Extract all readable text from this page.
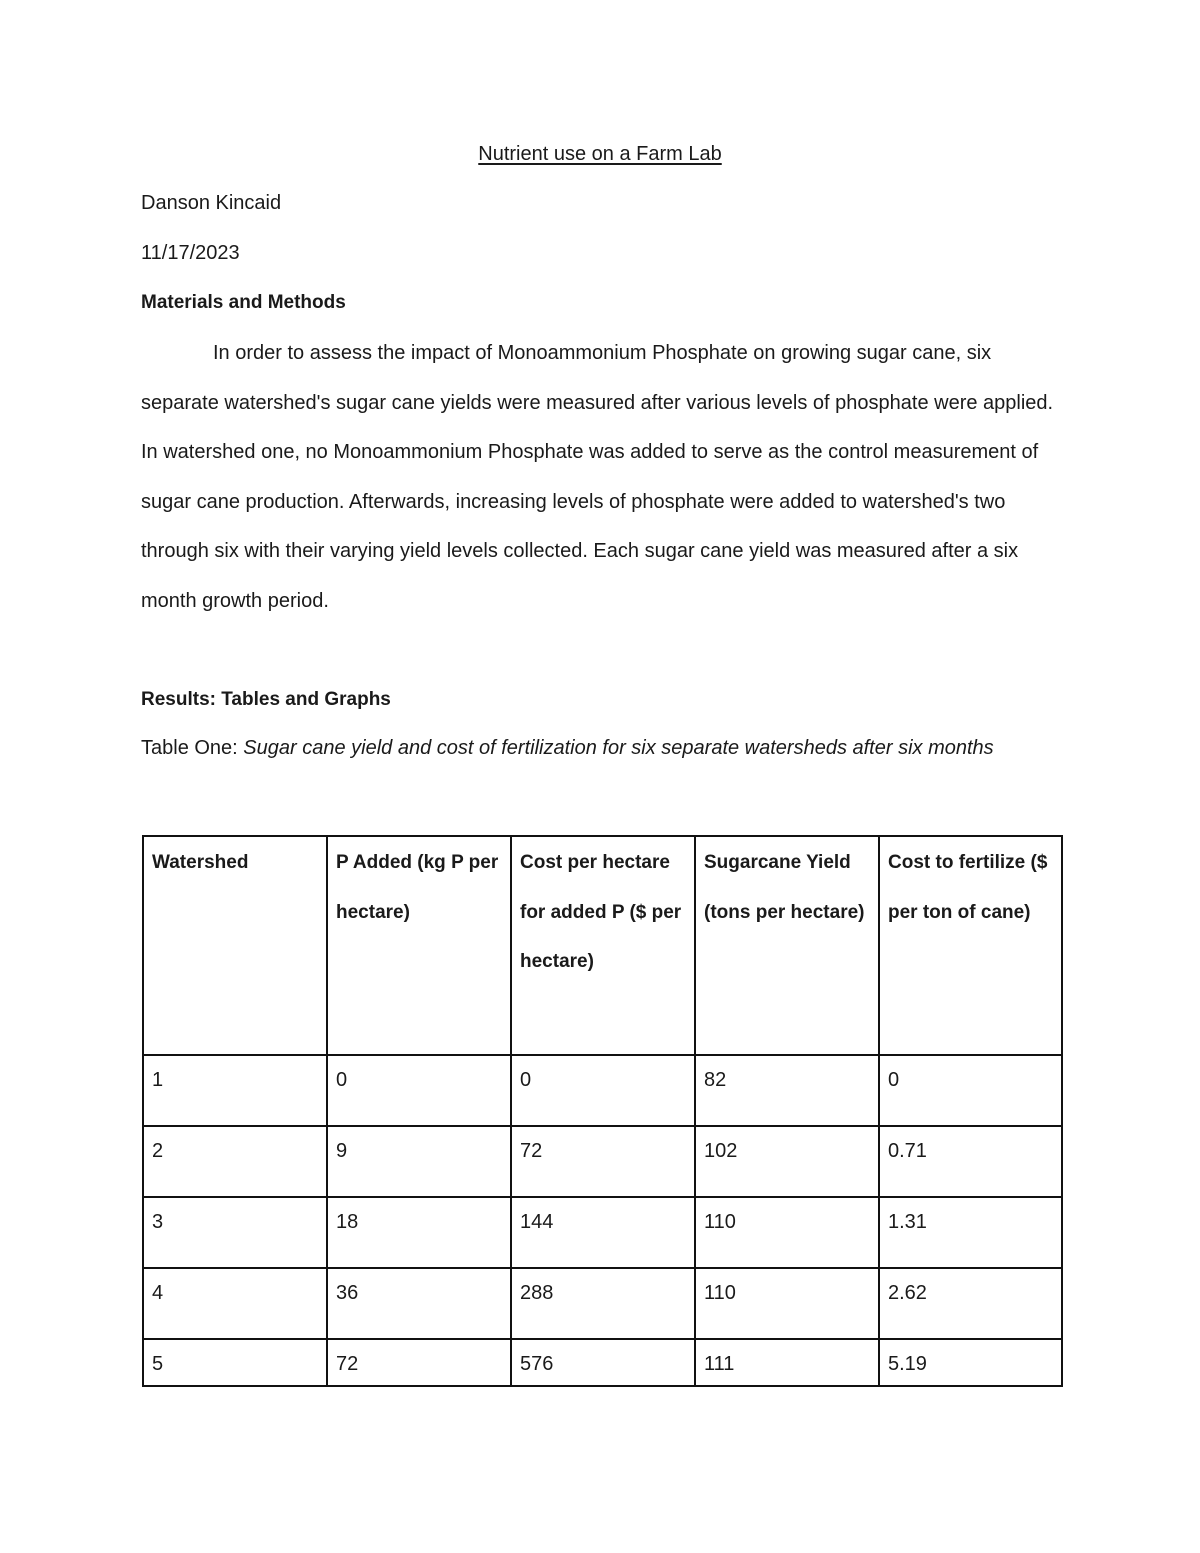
Nutrient use on a Farm Lab
Danson Kincaid
11/17/2023
Materials and Methods
In order to assess the impact of Monoammonium Phosphate on growing sugar cane, six separate watershed's sugar cane yields were measured after various levels of phosphate were applied. In watershed one, no Monoammonium Phosphate was added to serve as the control measurement of sugar cane production. Afterwards, increasing levels of phosphate were added to watershed's two through six with their varying yield levels collected. Each sugar cane yield was measured after a six month growth period.
Results: Tables and Graphs
Table One: Sugar cane yield and cost of fertilization for six separate watersheds after six months
Watershed	P Added (kg P per hectare)	Cost per hectare for added P ($ per hectare)	Sugarcane Yield (tons per hectare)	Cost to fertilize ($ per ton of cane)
1	0	0	82	0
2	9	72	102	0.71
3	18	144	110	1.31
4	36	288	110	2.62
5	72	576	111	5.19
